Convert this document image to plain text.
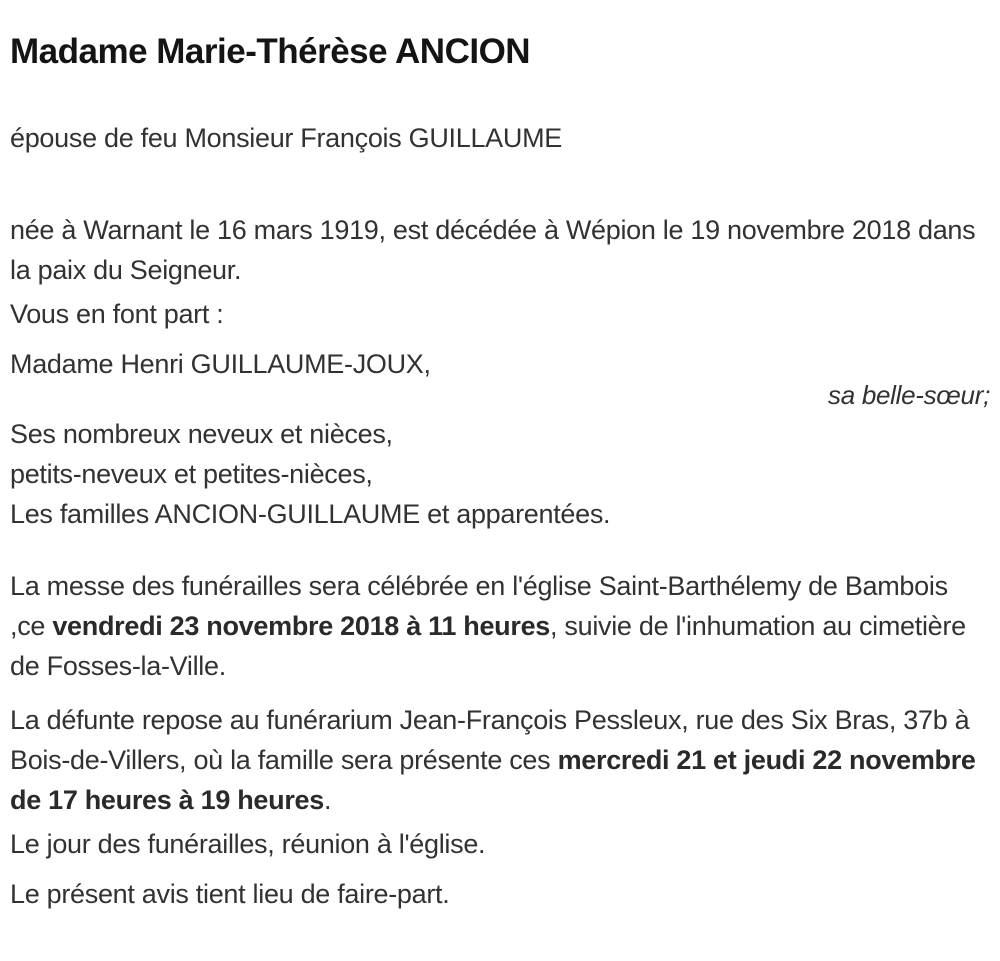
Madame Marie-Thérèse ANCION

épouse de feu Monsieur François GUILLAUME

née à Warnant le 16 mars 1919, est décédée à Wépion le 19 novembre 2018 dans la paix du Seigneur.

Vous en font part :

Madame Henri GUILLAUME-JOUX,

sa belle-sœur;

Ses nombreux neveux et nièces,

petits-neveux et petites-nièces,

Les familles ANCION-GUILLAUME et apparentées.

La messe des funérailles sera célébrée en l'église Saint-Barthélemy de Bambois ,ce vendredi 23 novembre 2018 à 11 heures, suivie de l'inhumation au cimetière de Fosses-la-Ville.

La défunte repose au funérarium Jean-François Pessleux, rue des Six Bras, 37b à Bois-de-Villers, où la famille sera présente ces mercredi 21 et jeudi 22 novembre de 17 heures à 19 heures.

Le jour des funérailles, réunion à l'église.

Le présent avis tient lieu de faire-part.
